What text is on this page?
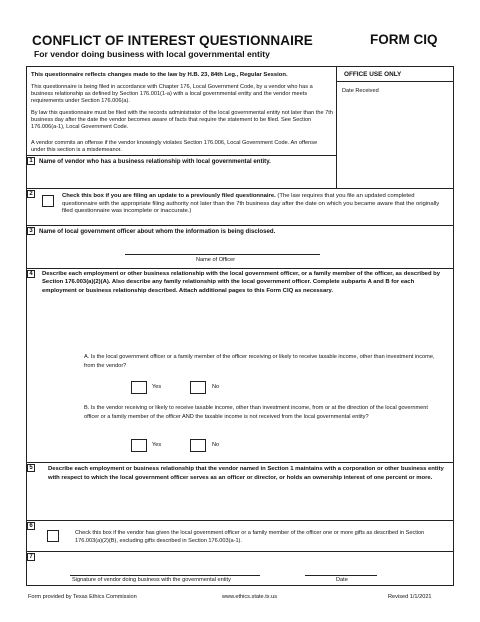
CONFLICT OF INTEREST QUESTIONNAIRE
For vendor doing business with local governmental entity
FORM CIQ
OFFICE USE ONLY
Date Received
This questionnaire reflects changes made to the law by H.B. 23, 84th Leg., Regular Session.
This questionnaire is being filed in accordance with Chapter 176, Local Government Code, by a vendor who has a business relationship as defined by Section 176.001(1-a) with a local governmental entity and the vendor meets requirements under Section 176.006(a).
By law this questionnaire must be filed with the records administrator of the local governmental entity not later than the 7th business day after the date the vendor becomes aware of facts that require the statement to be filed. See Section 176.006(a-1), Local Government Code.
A vendor commits an offense if the vendor knowingly violates Section 176.006, Local Government Code. An offense under this section is a misdemeanor.
1	Name of vendor who has a business relationship with local governmental entity.
2	Check this box if you are filing an update to a previously filed questionnaire. (The law requires that you file an updated completed questionnaire with the appropriate filing authority not later than the 7th business day after the date on which you became aware that the originally filed questionnaire was incomplete or inaccurate.)
3	Name of local government officer about whom the information is being disclosed.
Name of Officer
4	Describe each employment or other business relationship with the local government officer, or a family member of the officer, as described by Section 176.003(a)(2)(A). Also describe any family relationship with the local government officer. Complete subparts A and B for each employment or business relationship described. Attach additional pages to this Form CIQ as necessary.
A. Is the local government officer or a family member of the officer receiving or likely to receive taxable income, other than investment income, from the vendor?
Yes	No
B. Is the vendor receiving or likely to receive taxable income, other than investment income, from or at the direction of the local government officer or a family member of the officer AND the taxable income is not received from the local governmental entity?
Yes	No
5	Describe each employment or business relationship that the vendor named in Section 1 maintains with a corporation or other business entity with respect to which the local government officer serves as an officer or director, or holds an ownership interest of one percent or more.
6
Check this box if the vendor has given the local government officer or a family member of the officer one or more gifts as described in Section 176.003(a)(2)(B), excluding gifts described in Section 176.003(a-1).
7
Signature of vendor doing business with the governmental entity	Date
Form provided by Texas Ethics Commission	www.ethics.state.tx.us	Revised 1/1/2021
